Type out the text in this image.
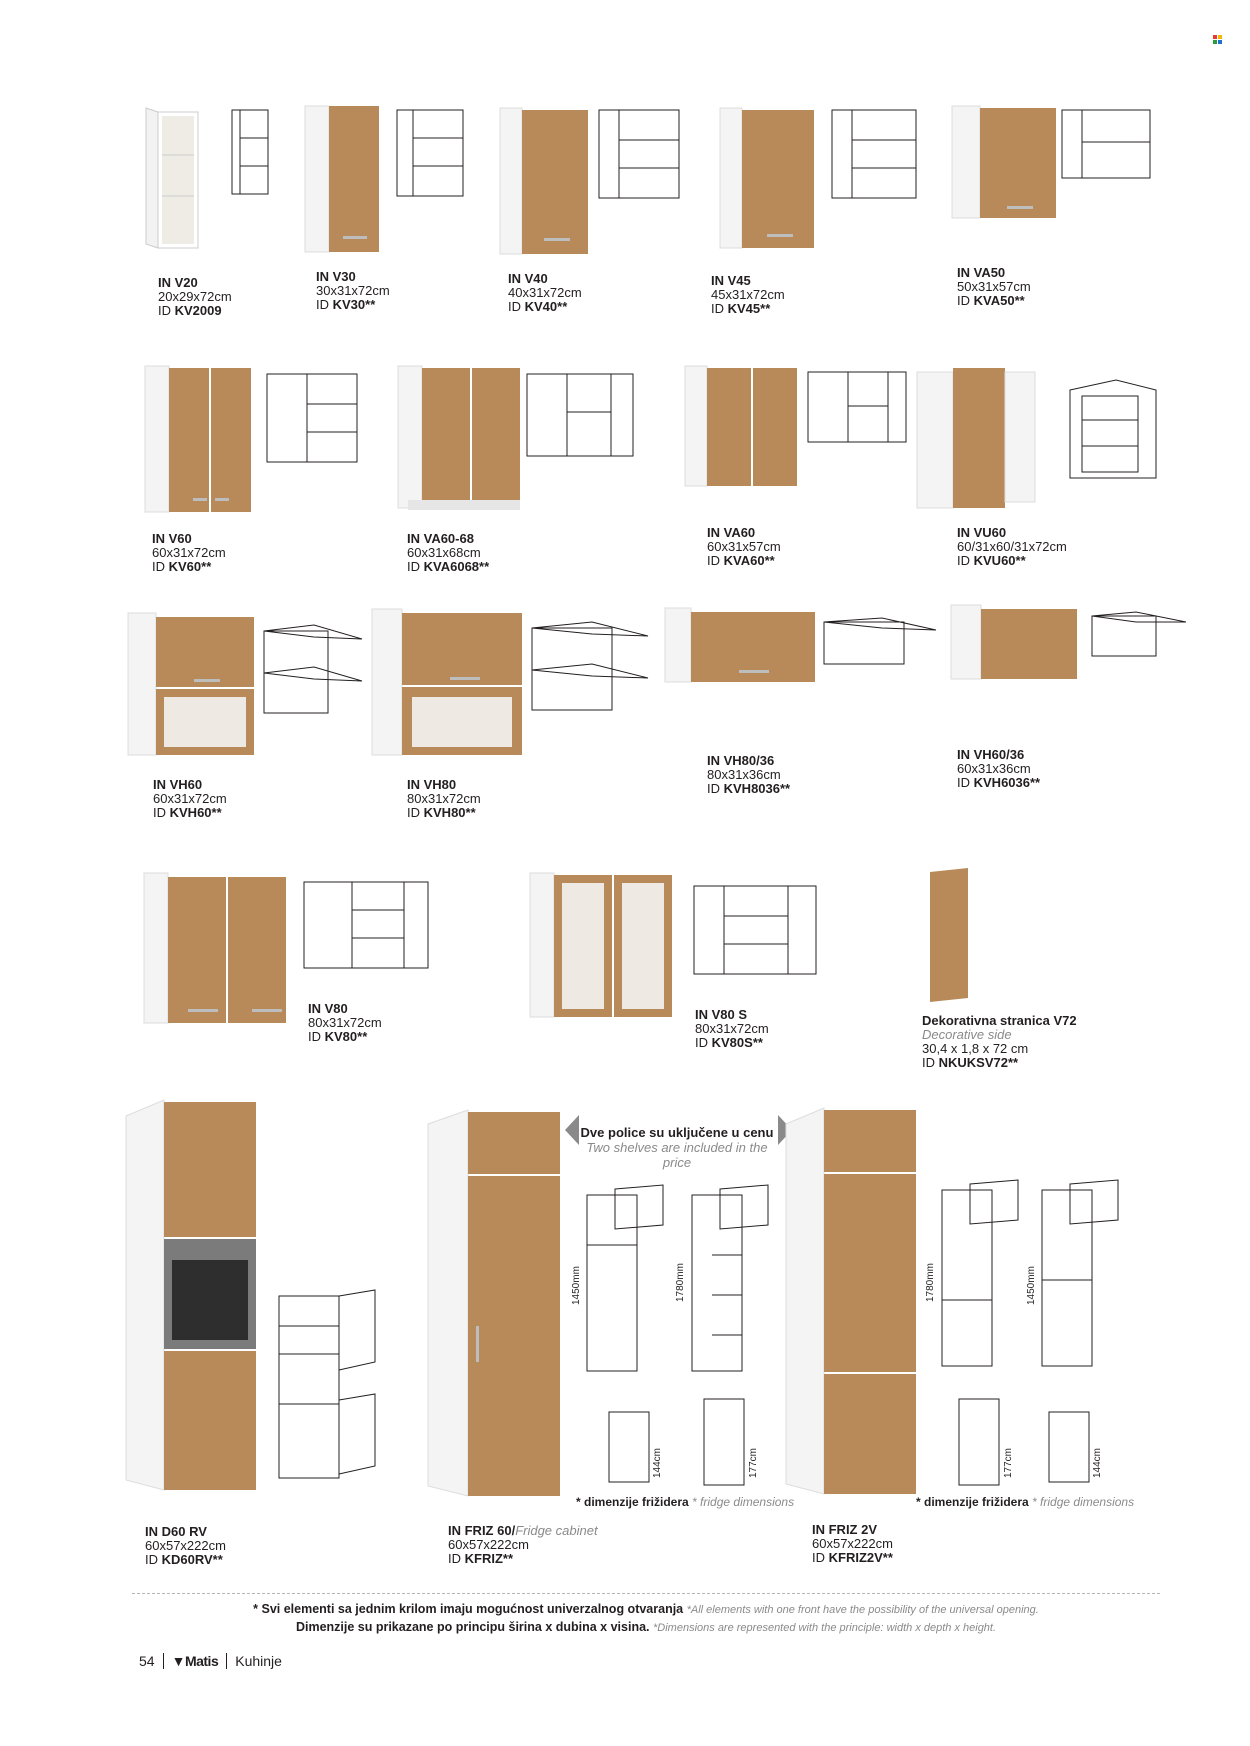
IN V20
20x29x72cm
ID KV2009
IN V30
30x31x72cm
ID KV30**
IN V40
40x31x72cm
ID KV40**
IN V45
45x31x72cm
ID KV45**
IN VA50
50x31x57cm
ID KVA50**
IN V60
60x31x72cm
ID KV60**
IN VA60-68
60x31x68cm
ID KVA6068**
IN VA60
60x31x57cm
ID KVA60**
IN VU60
60/31x60/31x72cm
ID KVU60**
IN VH60
60x31x72cm
ID KVH60**
IN VH80
80x31x72cm
ID KVH80**
IN VH80/36
80x31x36cm
ID KVH8036**
IN VH60/36
60x31x36cm
ID KVH6036**
IN V80
80x31x72cm
ID KV80**
IN V80 S
80x31x72cm
ID KV80S**
Dekorativna stranica V72
Decorative side
30,4 x 1,8 x 72 cm
ID NKUKSV72**
IN D60 RV
60x57x222cm
ID KD60RV**
IN FRIZ 60/Fridge cabinet
60x57x222cm
ID KFRIZ**
Dve police su uključene u cenu
Two shelves are included in the price
1450mm	1780mm
144cm	177cm
* dimenzije frižidera * fridge dimensions
IN FRIZ 2V
60x57x222cm
ID KFRIZ2V**
1780mm	1450mm
177cm	144cm
* dimenzije frižidera * fridge dimensions
* Svi elementi sa jednim krilom imaju mogućnost univerzalnog otvaranja *All elements with one front have the possibility of the universal opening.
Dimenzije su prikazane po principu širina x dubina x visina. *Dimensions are represented with the principle: width x depth x height.
54 ▼Matis Kuhinje
